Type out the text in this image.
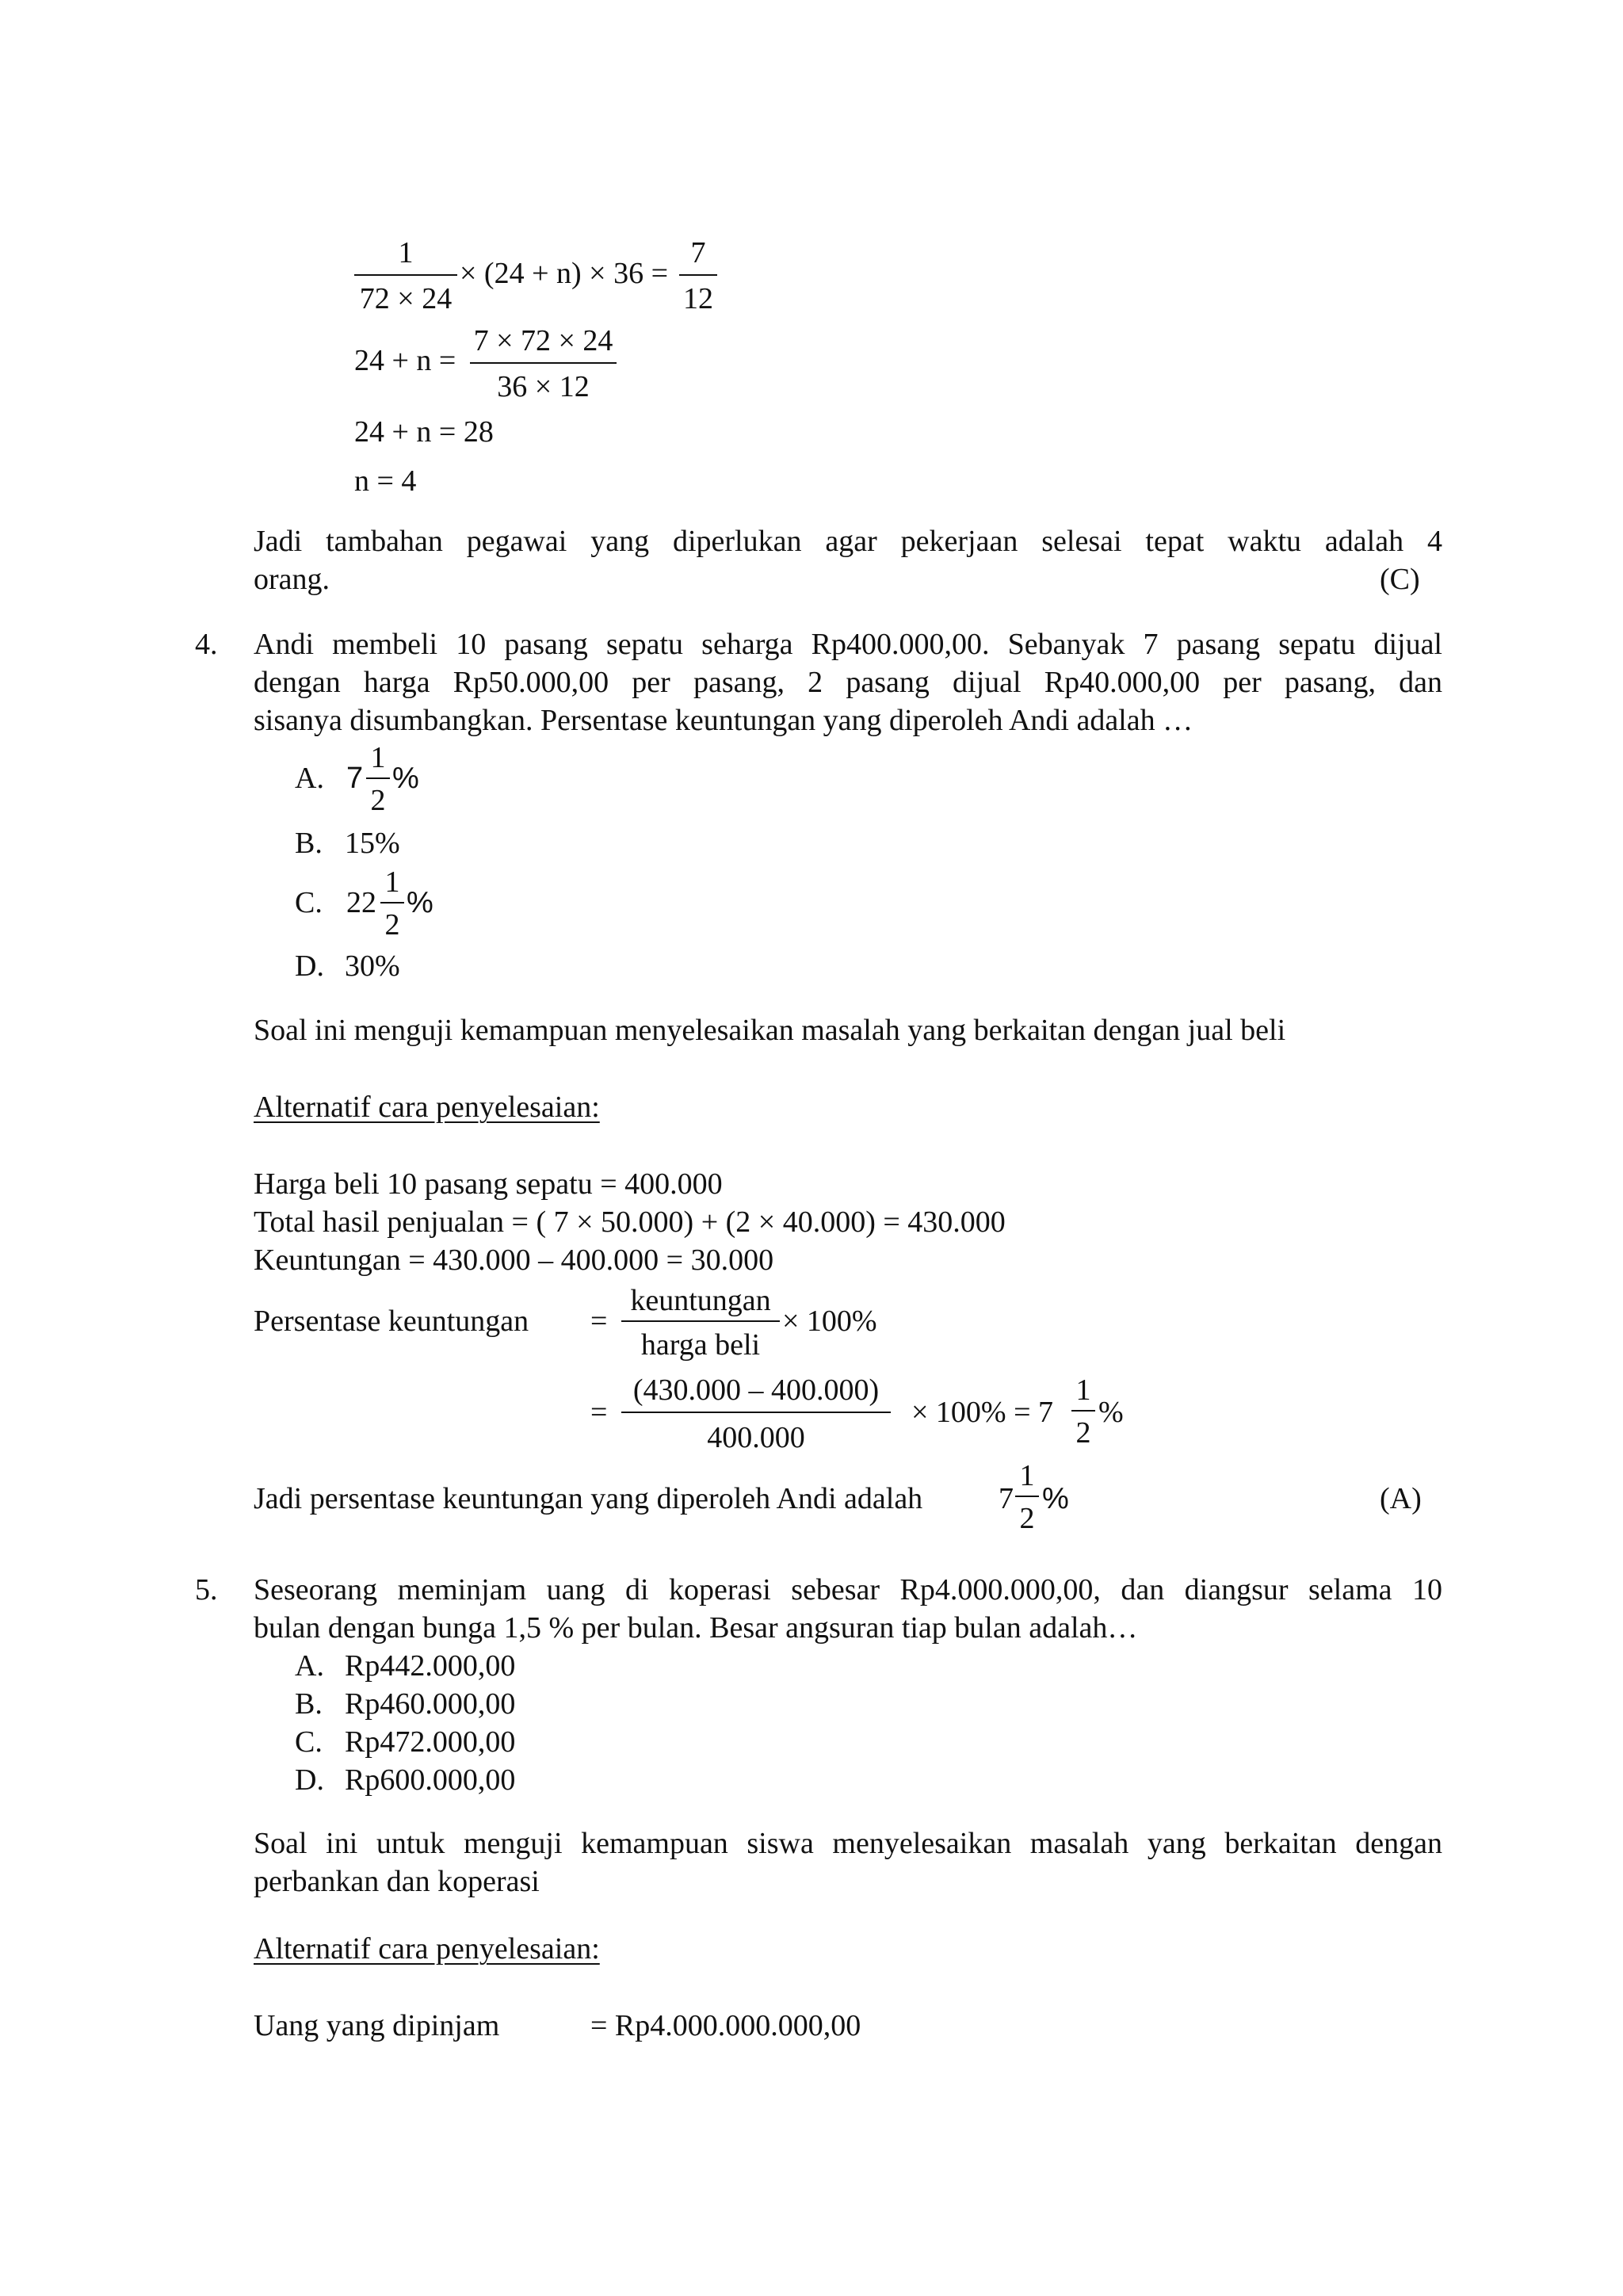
1
72 × 24
× (24 + n) × 36 =
7
12
24 + n =
7 × 72 × 24
36 × 12
24 + n = 28
n = 4
Jadi tambahan pegawai yang diperlukan agar pekerjaan selesai tepat waktu adalah 4
orang.	(C)
4. Andi membeli 10 pasang sepatu seharga Rp400.000,00. Sebanyak 7 pasang sepatu dijual
dengan harga Rp50.000,00 per pasang, 2 pasang dijual Rp40.000,00 per pasang, dan
sisanya disumbangkan. Persentase keuntungan yang diperoleh Andi adalah …
A. 7
1
2
%
B. 15%
C. 22
1
2
%
D. 30%
Soal ini menguji kemampuan menyelesaikan masalah yang berkaitan dengan jual beli
Alternatif cara penyelesaian:
Harga beli 10 pasang sepatu = 400.000
Total hasil penjualan = ( 7 × 50.000) + (2 × 40.000) = 430.000
Keuntungan = 430.000 – 400.000 = 30.000
Persentase keuntungan =
keuntungan
harga beli
× 100%
=
(430.000 – 400.000)
400.000
× 100% = 7
1
2
%
Jadi persentase keuntungan yang diperoleh Andi adalah	7
1
2
%	(A)
5. Seseorang meminjam uang di koperasi sebesar Rp4.000.000,00, dan diangsur selama 10
bulan dengan bunga 1,5 % per bulan. Besar angsuran tiap bulan adalah…
A. Rp442.000,00
B. Rp460.000,00
C. Rp472.000,00
D. Rp600.000,00
Soal ini untuk menguji kemampuan siswa menyelesaikan masalah yang berkaitan dengan
perbankan dan koperasi
Alternatif cara penyelesaian:
Uang yang dipinjam	= Rp4.000.000.000,00
